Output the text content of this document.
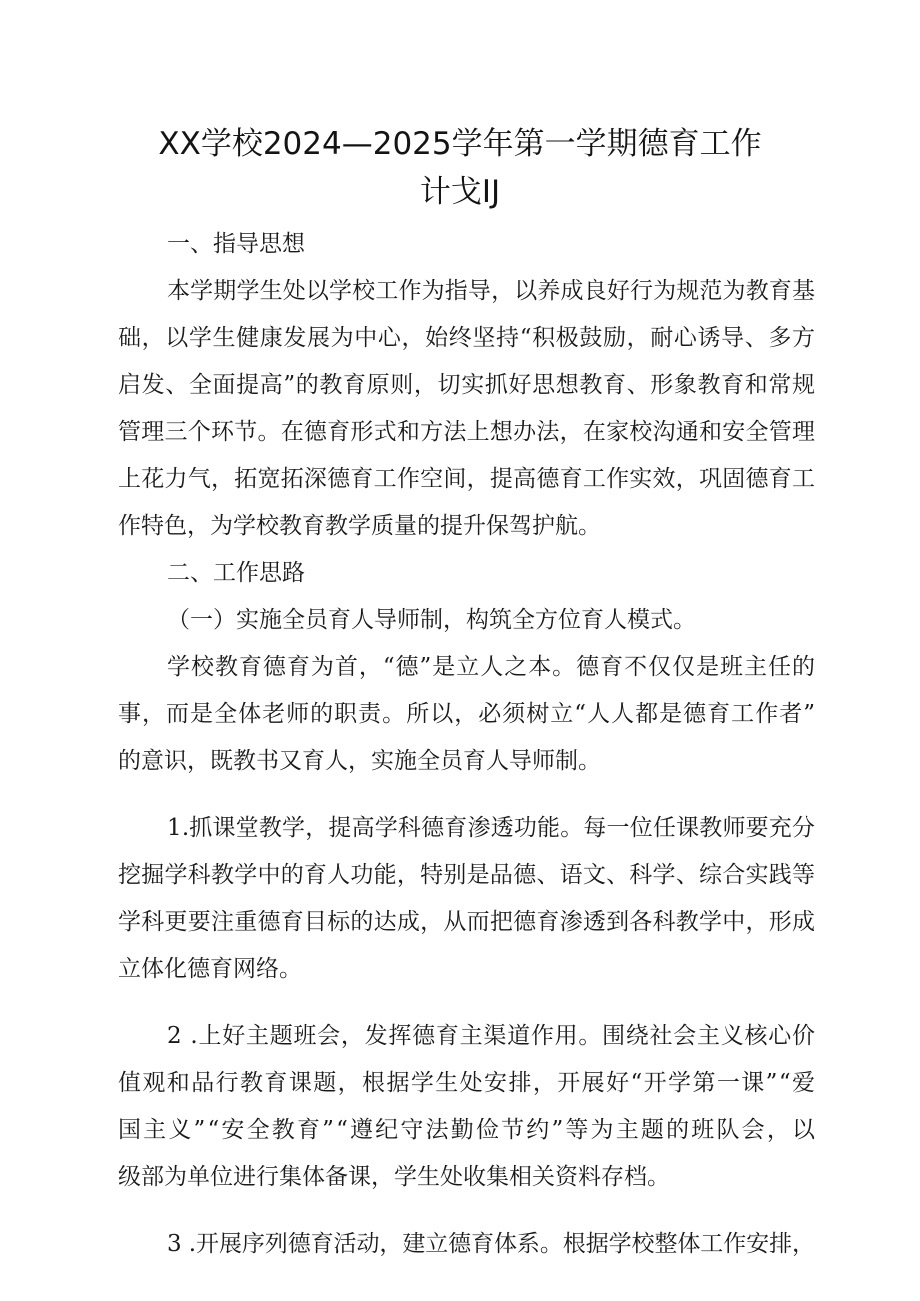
XX学校2024—2025学年第一学期德育工作
计戈IJ
一、指导思想
本学期学生处以学校工作为指导，以养成良好行为规范为教育基
础，以学生健康发展为中心，始终坚持“积极鼓励，耐心诱导、多方
启发、全面提高”的教育原则，切实抓好思想教育、形象教育和常规
管理三个环节。在德育形式和方法上想办法，在家校沟通和安全管理
上花力气，拓宽拓深德育工作空间，提高德育工作实效，巩固德育工
作特色，为学校教育教学质量的提升保驾护航。
二、工作思路
（一）实施全员育人导师制，构筑全方位育人模式。
学校教育德育为首，“德”是立人之本。德育不仅仅是班主任的
事，而是全体老师的职责。所以，必须树立“人人都是德育工作者”
的意识，既教书又育人，实施全员育人导师制。
1.抓课堂教学，提高学科德育渗透功能。每一位任课教师要充分
挖掘学科教学中的育人功能，特别是品德、语文、科学、综合实践等
学科更要注重德育目标的达成，从而把德育渗透到各科教学中，形成
立体化德育网络。
2 .上好主题班会，发挥德育主渠道作用。围绕社会主义核心价
值观和品行教育课题，根据学生处安排，开展好“开学第一课”“爱
国主义”“安全教育”“遵纪守法勤俭节约”等为主题的班队会，以
级部为单位进行集体备课，学生处收集相关资料存档。
3 .开展序列德育活动，建立德育体系。根据学校整体工作安排，
